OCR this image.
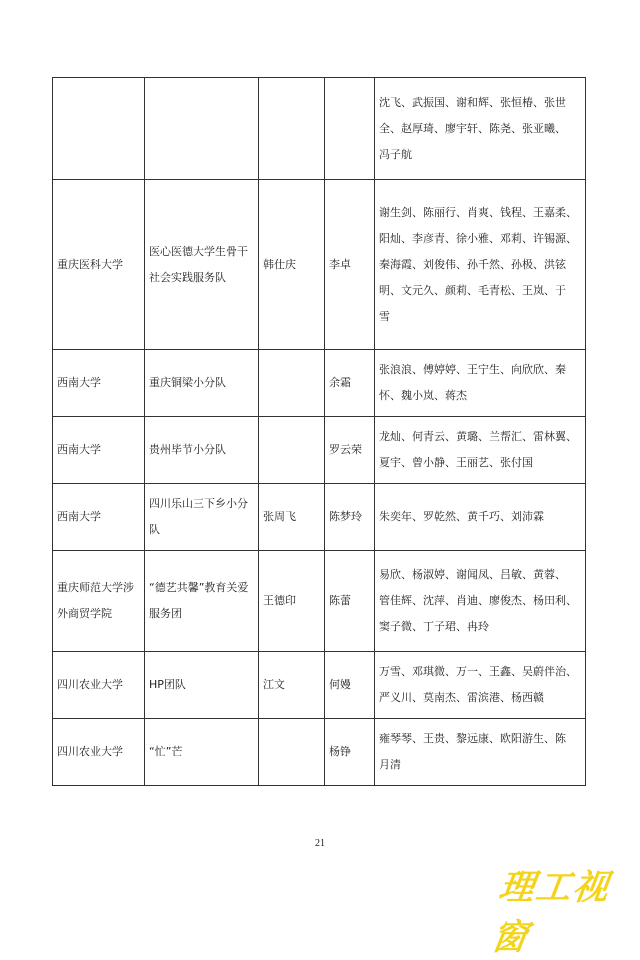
				沈飞、武振国、谢和辉、张恒椿、张世
全、赵厚琦、廖宇轩、陈尧、张亚曦、
冯子航

重庆医科大学	医心医德大学生骨干社会实践服务队	韩仕庆	李卓	谢生剑、陈丽行、肖爽、钱程、王嘉柔、
阳灿、李彦青、徐小雅、邓莉、许锡源、
秦海霞、刘俊伟、孙千然、孙极、洪铉
明、文元久、颜莉、毛青松、王岚、于
雪

西南大学	重庆铜梁小分队		余霜	张浪浪、傅婷婷、王宁生、向欣欣、秦
怀、魏小岚、蒋杰

西南大学	贵州毕节小分队		罗云荣	龙灿、何青云、黄璐、兰帮汇、雷林翼、
夏宇、曾小静、王丽艺、张付国

西南大学	四川乐山三下乡小分队	张周飞	陈梦玲	朱奕年、罗乾然、黄千巧、刘沛霖

重庆师范大学涉外商贸学院	“德艺共馨”教育关爱服务团	王德印	陈蕾	易欣、杨淑婷、谢闻凤、吕敏、黄蓉、
管佳辉、沈萍、肖迪、廖俊杰、杨田利、
窦子微、丁子珺、冉玲

四川农业大学	HP团队	江文	何嫚	万雪、邓琪微、万一、王鑫、吴蔚伴治、
严义川、莫南杰、雷滨港、杨西赣

四川农业大学	“忙”芒		杨铮	雍琴琴、王贵、黎远康、欧阳游生、陈
月清
21
理工视窗
